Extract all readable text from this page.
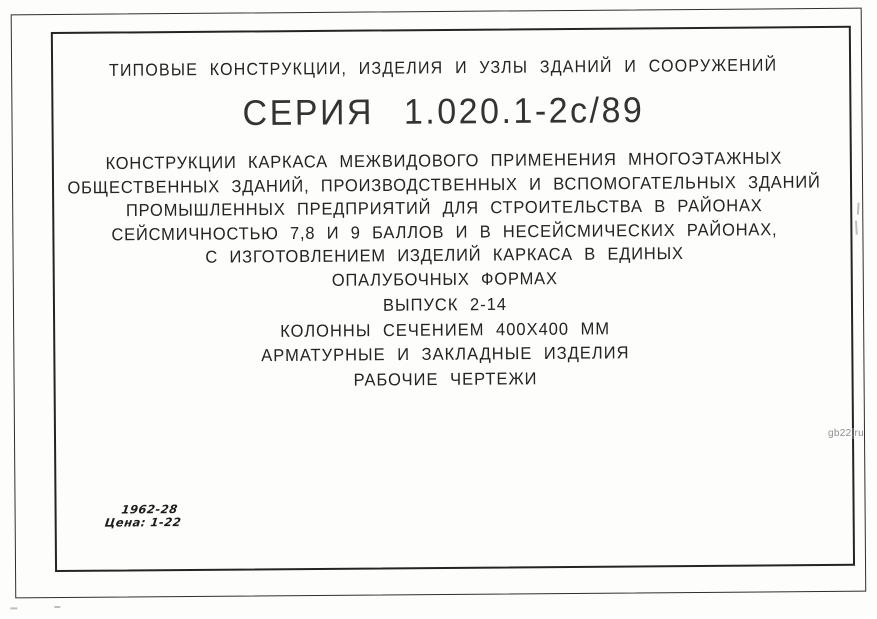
ТИПОВЫЕ КОНСТРУКЦИИ, ИЗДЕЛИЯ И УЗЛЫ ЗДАНИЙ И СООРУЖЕНИЙ
СЕРИЯ 1.020.1-2с/89
КОНСТРУКЦИИ КАРКАСА МЕЖВИДОВОГО ПРИМЕНЕНИЯ МНОГОЭТАЖНЫХ
ОБЩЕСТВЕННЫХ ЗДАНИЙ, ПРОИЗВОДСТВЕННЫХ И ВСПОМОГАТЕЛЬНЫХ ЗДАНИЙ
ПРОМЫШЛЕННЫХ ПРЕДПРИЯТИЙ ДЛЯ СТРОИТЕЛЬСТВА В РАЙОНАХ
СЕЙСМИЧНОСТЬЮ 7,8 И 9 БАЛЛОВ И В НЕСЕЙСМИЧЕСКИХ РАЙОНАХ,
С ИЗГОТОВЛЕНИЕМ ИЗДЕЛИЙ КАРКАСА В ЕДИНЫХ
ОПАЛУБОЧНЫХ ФОРМАХ
ВЫПУСК 2-14
КОЛОННЫ СЕЧЕНИЕМ 400Х400 ММ
АРМАТУРНЫЕ И ЗАКЛАДНЫЕ ИЗДЕЛИЯ
РАБОЧИЕ ЧЕРТЕЖИ
1962-28
Цена: 1-22
gb22.ru
